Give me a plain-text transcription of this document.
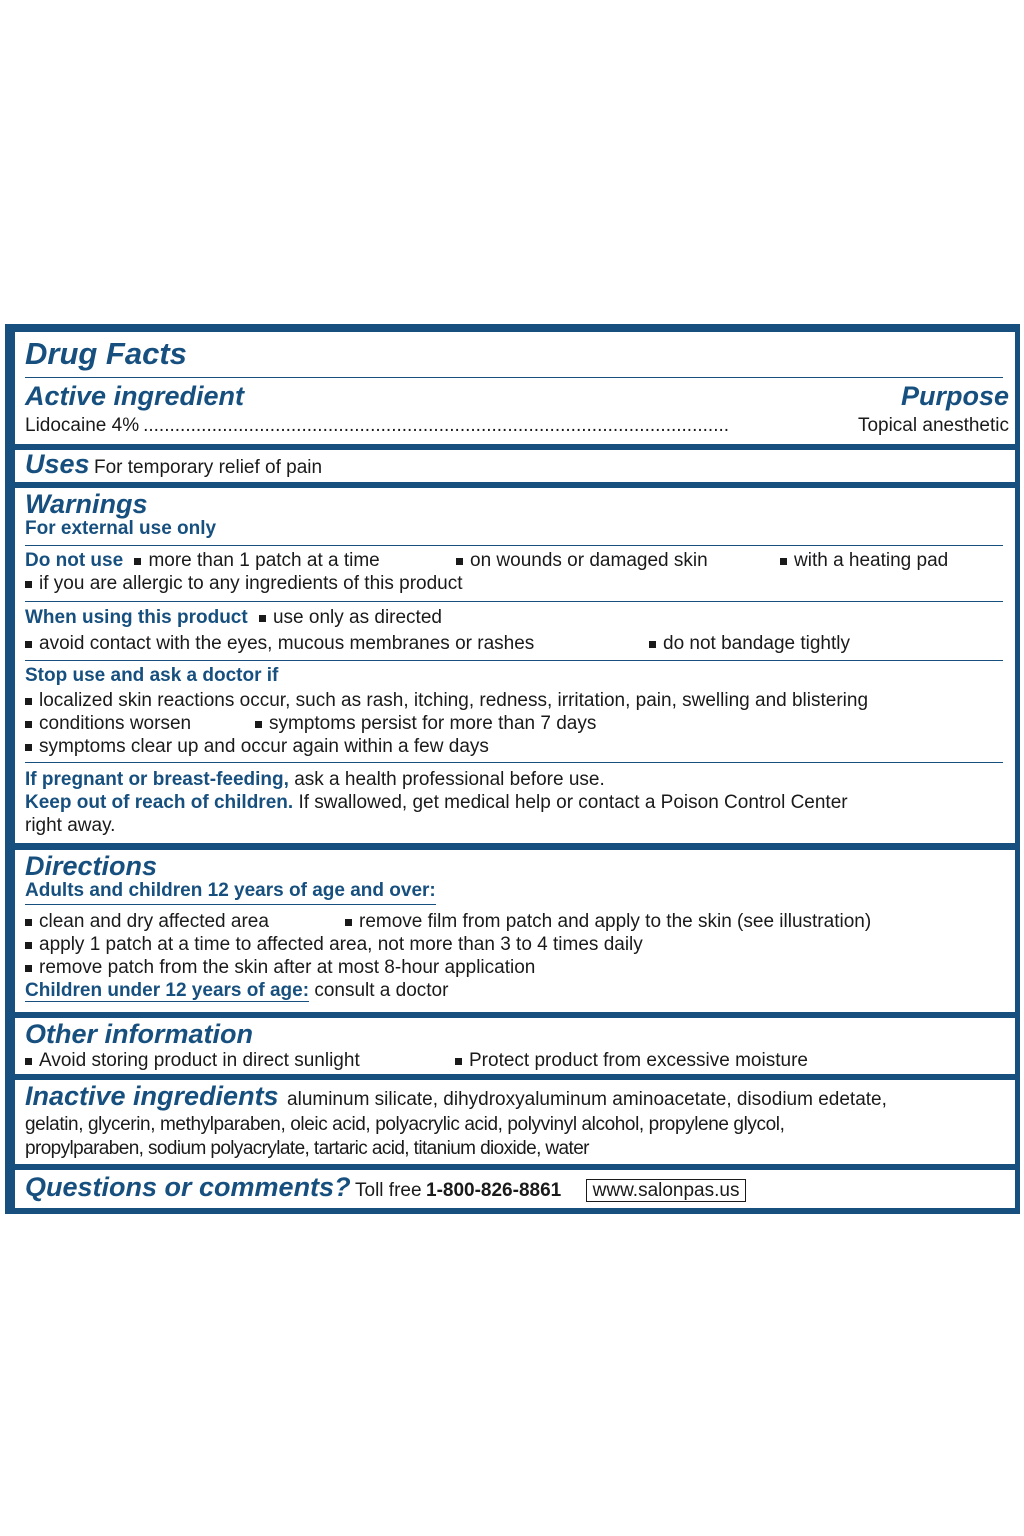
Drug Facts
Active ingredient	Purpose
Lidocaine 4% ...............................................................................................................	Topical anesthetic
Uses For temporary relief of pain
Warnings
For external use only
Do not use more than 1 patch at a time	on wounds or damaged skin	with a heating pad
if you are allergic to any ingredients of this product
When using this product use only as directed
avoid contact with the eyes, mucous membranes or rashes	do not bandage tightly
Stop use and ask a doctor if
localized skin reactions occur, such as rash, itching, redness, irritation, pain, swelling and blistering
conditions worsen	symptoms persist for more than 7 days
symptoms clear up and occur again within a few days
If pregnant or breast-feeding, ask a health professional before use.
Keep out of reach of children. If swallowed, get medical help or contact a Poison Control Center
right away.
Directions
Adults and children 12 years of age and over:
clean and dry affected area	remove film from patch and apply to the skin (see illustration)
apply 1 patch at a time to affected area, not more than 3 to 4 times daily
remove patch from the skin after at most 8-hour application
Children under 12 years of age: consult a doctor
Other information
Avoid storing product in direct sunlight	Protect product from excessive moisture
Inactive ingredients aluminum silicate, dihydroxyaluminum aminoacetate, disodium edetate,
gelatin, glycerin, methylparaben, oleic acid, polyacrylic acid, polyvinyl alcohol, propylene glycol,
propylparaben, sodium polyacrylate, tartaric acid, titanium dioxide, water
Questions or comments? Toll free 1-800-826-8861 www.salonpas.us
